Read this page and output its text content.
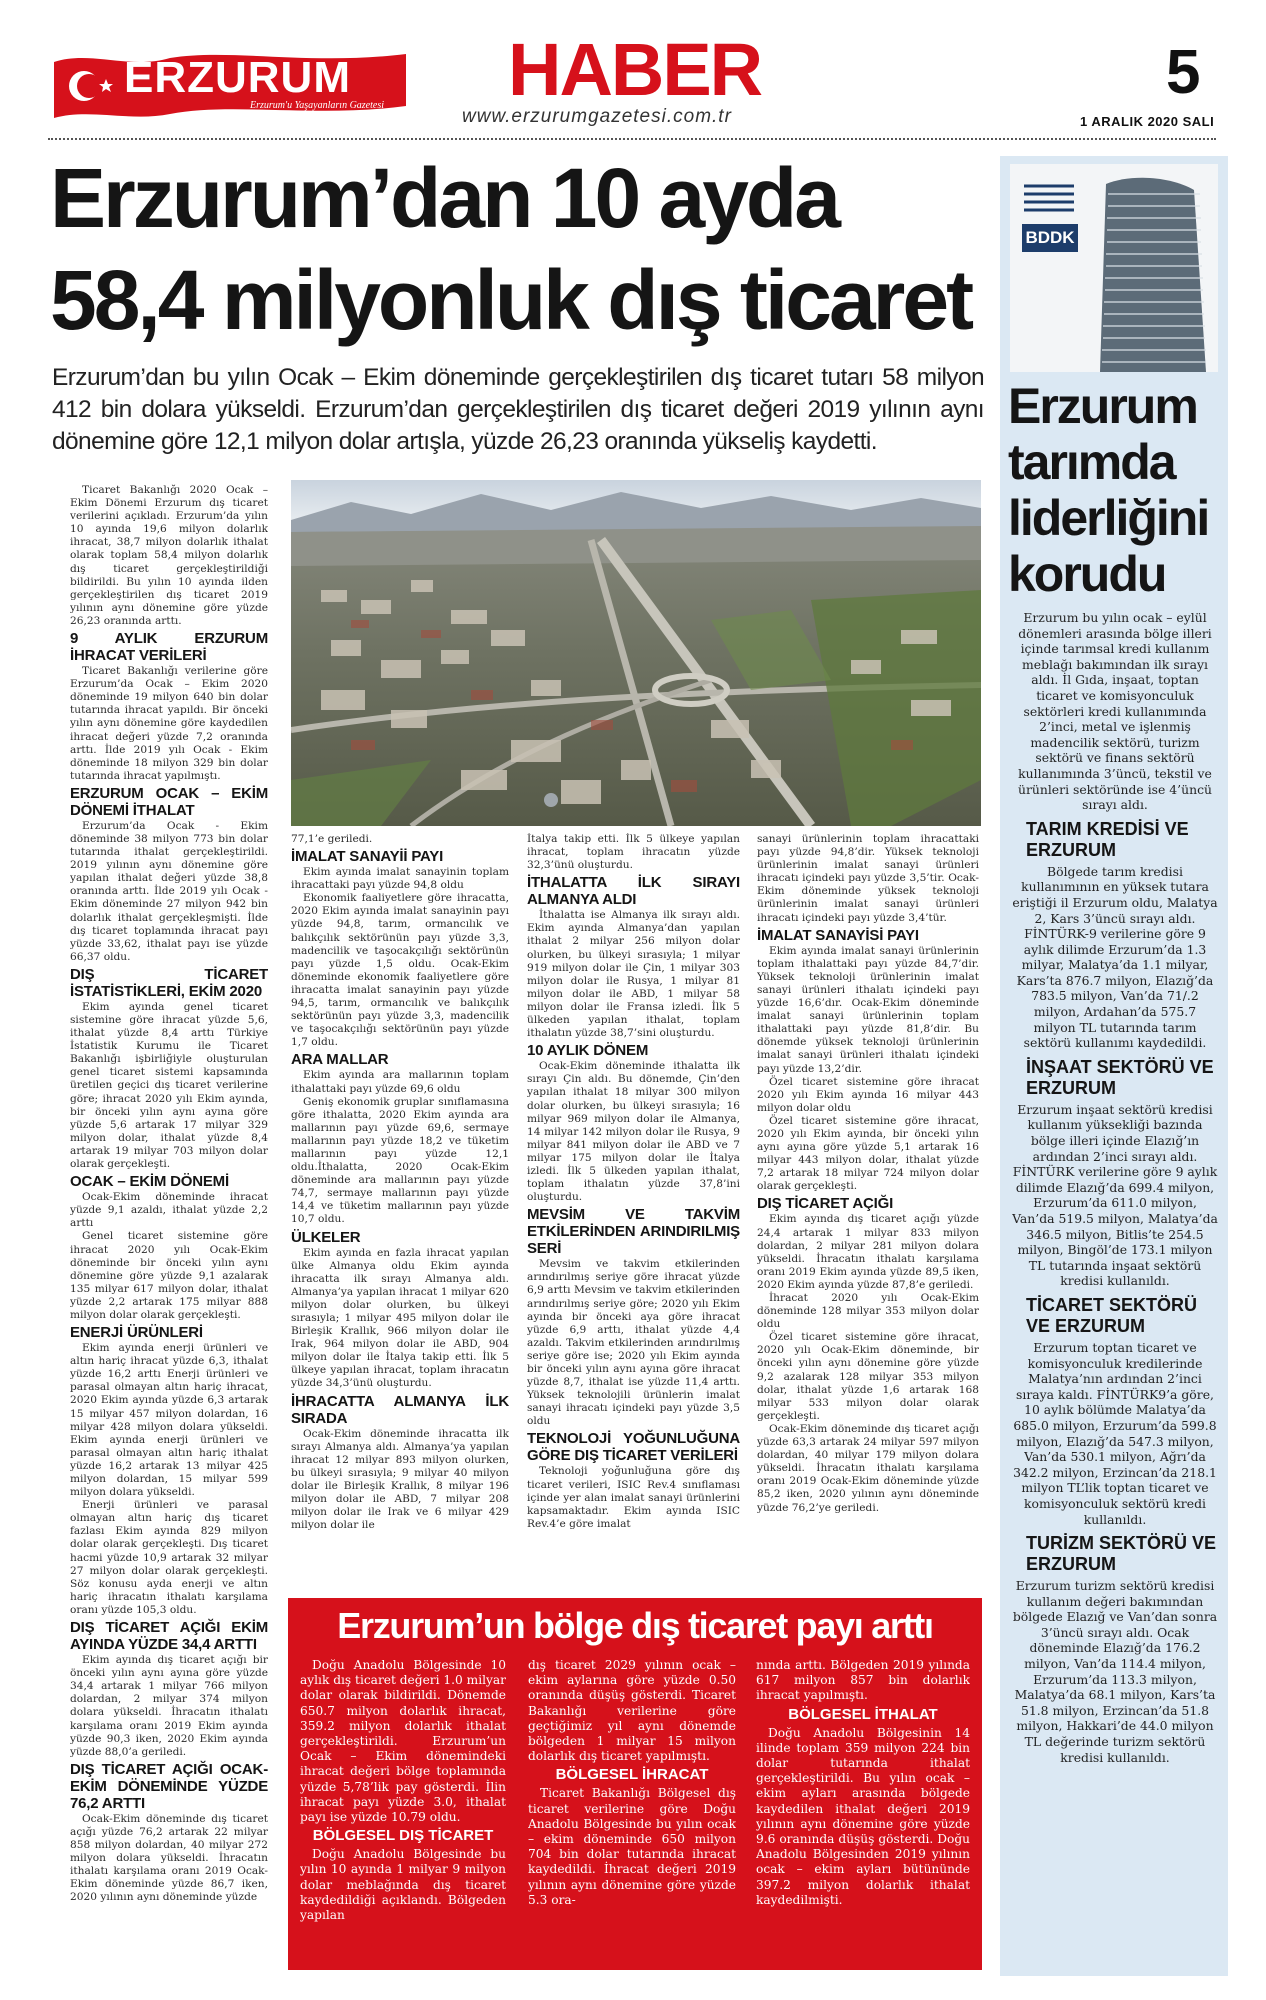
ERZURUM
Erzurum'u Yaşayanların Gazetesi HABER
www.erzurumgazetesi.com.tr
5
1 ARALIK 2020 SALI
Erzurum’dan 10 ayda
58,4 milyonluk dış ticaret
Erzurum’dan bu yılın Ocak – Ekim döneminde gerçekleştirilen dış ticaret tutarı 58 milyon 412 bin dolara yükseldi. Erzurum’dan gerçekleştirilen dış ticaret değeri 2019 yılının aynı dönemine göre 12,1 milyon dolar artışla, yüzde 26,23 oranında yükseliş kaydetti.

Ticaret Bakanlığı 2020 Ocak – Ekim Dönemi Erzurum dış ticaret verilerini açıkladı. Erzurum’da yılın 10 ayında 19,6 milyon dolarlık ihracat, 38,7 milyon dolarlık ithalat olarak toplam 58,4 milyon dolarlık dış ticaret gerçekleştirildiği bildirildi. Bu yılın 10 ayında ilden gerçekleştirilen dış ticaret 2019 yılının aynı dönemine göre yüzde 26,23 oranında arttı.

9 AYLIK ERZURUM İHRACAT VERİLERİ

Ticaret Bakanlığı verilerine göre Erzurum’da Ocak – Ekim 2020 döneminde 19 milyon 640 bin dolar tutarında ihracat yapıldı. Bir önceki yılın aynı dönemine göre kaydedilen ihracat değeri yüzde 7,2 oranında arttı. İlde 2019 yılı Ocak - Ekim döneminde 18 milyon 329 bin dolar tutarında ihracat yapılmıştı.

ERZURUM OCAK – EKİM DÖNEMİ İTHALAT

Erzurum’da Ocak - Ekim döneminde 38 milyon 773 bin dolar tutarında ithalat gerçekleştirildi. 2019 yılının aynı dönemine göre yapılan ithalat değeri yüzde 38,8 oranında arttı. İlde 2019 yılı Ocak - Ekim döneminde 27 milyon 942 bin dolarlık ithalat gerçekleşmişti. İlde dış ticaret toplamında ihracat payı yüzde 33,62, ithalat payı ise yüzde 66,37 oldu.

DIŞ TİCARET İSTATİSTİKLERİ, EKİM 2020

Ekim ayında genel ticaret sistemine göre ihracat yüzde 5,6, ithalat yüzde 8,4 arttı Türkiye İstatistik Kurumu ile Ticaret Bakanlığı işbirliğiyle oluşturulan genel ticaret sistemi kapsamında üretilen geçici dış ticaret verilerine göre; ihracat 2020 yılı Ekim ayında, bir önceki yılın aynı ayına göre yüzde 5,6 artarak 17 milyar 329 milyon dolar, ithalat yüzde 8,4 artarak 19 milyar 703 milyon dolar olarak gerçekleşti.

OCAK – EKİM DÖNEMİ

Ocak-Ekim döneminde ihracat yüzde 9,1 azaldı, ithalat yüzde 2,2 arttı

Genel ticaret sistemine göre ihracat 2020 yılı Ocak-Ekim döneminde bir önceki yılın aynı dönemine göre yüzde 9,1 azalarak 135 milyar 617 milyon dolar, ithalat yüzde 2,2 artarak 175 milyar 888 milyon dolar olarak gerçekleşti.

ENERJİ ÜRÜNLERİ

Ekim ayında enerji ürünleri ve altın hariç ihracat yüzde 6,3, ithalat yüzde 16,2 arttı Enerji ürünleri ve parasal olmayan altın hariç ihracat, 2020 Ekim ayında yüzde 6,3 artarak 15 milyar 457 milyon dolardan, 16 milyar 428 milyon dolara yükseldi. Ekim ayında enerji ürünleri ve parasal olmayan altın hariç ithalat yüzde 16,2 artarak 13 milyar 425 milyon dolardan, 15 milyar 599 milyon dolara yükseldi.

Enerji ürünleri ve parasal olmayan altın hariç dış ticaret fazlası Ekim ayında 829 milyon dolar olarak gerçekleşti. Dış ticaret hacmi yüzde 10,9 artarak 32 milyar 27 milyon dolar olarak gerçekleşti. Söz konusu ayda enerji ve altın hariç ihracatın ithalatı karşılama oranı yüzde 105,3 oldu.

DIŞ TİCARET AÇIĞI EKİM AYINDA YÜZDE 34,4 ARTTI

Ekim ayında dış ticaret açığı bir önceki yılın aynı ayına göre yüzde 34,4 artarak 1 milyar 766 milyon dolardan, 2 milyar 374 milyon dolara yükseldi. İhracatın ithalatı karşılama oranı 2019 Ekim ayında yüzde 90,3 iken, 2020 Ekim ayında yüzde 88,0’a geriledi.

DIŞ TİCARET AÇIĞI OCAK-EKİM DÖNEMİNDE YÜZDE 76,2 ARTTI

Ocak-Ekim döneminde dış ticaret açığı yüzde 76,2 artarak 22 milyar 858 milyon dolardan, 40 milyar 272 milyon dolara yükseldi. İhracatın ithalatı karşılama oranı 2019 Ocak-Ekim döneminde yüzde 86,7 iken, 2020 yılının aynı döneminde yüzde

77,1’e geriledi.

İMALAT SANAYİİ PAYI

Ekim ayında imalat sanayinin toplam ihracattaki payı yüzde 94,8 oldu

Ekonomik faaliyetlere göre ihracatta, 2020 Ekim ayında imalat sanayinin payı yüzde 94,8, tarım, ormancılık ve balıkçılık sektörünün payı yüzde 3,3, madencilik ve taşocakçılığı sektörünün payı yüzde 1,5 oldu. Ocak-Ekim döneminde ekonomik faaliyetlere göre ihracatta imalat sanayinin payı yüzde 94,5, tarım, ormancılık ve balıkçılık sektörünün payı yüzde 3,3, madencilik ve taşocakçılığı sektörünün payı yüzde 1,7 oldu.

ARA MALLAR

Ekim ayında ara mallarının toplam ithalattaki payı yüzde 69,6 oldu

Geniş ekonomik gruplar sınıflamasına göre ithalatta, 2020 Ekim ayında ara mallarının payı yüzde 69,6, sermaye mallarının payı yüzde 18,2 ve tüketim mallarının payı yüzde 12,1 oldu.İthalatta, 2020 Ocak-Ekim döneminde ara mallarının payı yüzde 74,7, sermaye mallarının payı yüzde 14,4 ve tüketim mallarının payı yüzde 10,7 oldu.

ÜLKELER

Ekim ayında en fazla ihracat yapılan ülke Almanya oldu Ekim ayında ihracatta ilk sırayı Almanya aldı. Almanya’ya yapılan ihracat 1 milyar 620 milyon dolar olurken, bu ülkeyi sırasıyla; 1 milyar 495 milyon dolar ile Birleşik Krallık, 966 milyon dolar ile Irak, 964 milyon dolar ile ABD, 904 milyon dolar ile İtalya takip etti. İlk 5 ülkeye yapılan ihracat, toplam ihracatın yüzde 34,3’ünü oluşturdu.

İHRACATTA ALMANYA İLK SIRADA

Ocak-Ekim döneminde ihracatta ilk sırayı Almanya aldı. Almanya’ya yapılan ihracat 12 milyar 893 milyon olurken, bu ülkeyi sırasıyla; 9 milyar 40 milyon dolar ile Birleşik Krallık, 8 milyar 196 milyon dolar ile ABD, 7 milyar 208 milyon dolar ile Irak ve 6 milyar 429 milyon dolar ile

İtalya takip etti. İlk 5 ülkeye yapılan ihracat, toplam ihracatın yüzde 32,3’ünü oluşturdu.

İTHALATTA İLK SIRAYI ALMANYA ALDI

İthalatta ise Almanya ilk sırayı aldı. Ekim ayında Almanya’dan yapılan ithalat 2 milyar 256 milyon dolar olurken, bu ülkeyi sırasıyla; 1 milyar 919 milyon dolar ile Çin, 1 milyar 303 milyon dolar ile Rusya, 1 milyar 81 milyon dolar ile ABD, 1 milyar 58 milyon dolar ile Fransa izledi. İlk 5 ülkeden yapılan ithalat, toplam ithalatın yüzde 38,7’sini oluşturdu.

10 AYLIK DÖNEM

Ocak-Ekim döneminde ithalatta ilk sırayı Çin aldı. Bu dönemde, Çin’den yapılan ithalat 18 milyar 300 milyon dolar olurken, bu ülkeyi sırasıyla; 16 milyar 969 milyon dolar ile Almanya, 14 milyar 142 milyon dolar ile Rusya, 9 milyar 841 milyon dolar ile ABD ve 7 milyar 175 milyon dolar ile İtalya izledi. İlk 5 ülkeden yapılan ithalat, toplam ithalatın yüzde 37,8’ini oluşturdu.

MEVSİM VE TAKVİM ETKİLERİNDEN ARINDIRILMIŞ SERİ

Mevsim ve takvim etkilerinden arındırılmış seriye göre ihracat yüzde 6,9 arttı Mevsim ve takvim etkilerinden arındırılmış seriye göre; 2020 yılı Ekim ayında bir önceki aya göre ihracat yüzde 6,9 arttı, ithalat yüzde 4,4 azaldı. Takvim etkilerinden arındırılmış seriye göre ise; 2020 yılı Ekim ayında bir önceki yılın aynı ayına göre ihracat yüzde 8,7, ithalat ise yüzde 11,4 arttı. Yüksek teknolojili ürünlerin imalat sanayi ihracatı içindeki payı yüzde 3,5 oldu

TEKNOLOJİ YOĞUNLUĞUNA GÖRE DIŞ TİCARET VERİLERİ

Teknoloji yoğunluğuna göre dış ticaret verileri, ISIC Rev.4 sınıflaması içinde yer alan imalat sanayi ürünlerini kapsamaktadır. Ekim ayında ISIC Rev.4’e göre imalat

sanayi ürünlerinin toplam ihracattaki payı yüzde 94,8’dir. Yüksek teknoloji ürünlerinin imalat sanayi ürünleri ihracatı içindeki payı yüzde 3,5’tir. Ocak-Ekim döneminde yüksek teknoloji ürünlerinin imalat sanayi ürünleri ihracatı içindeki payı yüzde 3,4’tür.

İMALAT SANAYİSİ PAYI

Ekim ayında imalat sanayi ürünlerinin toplam ithalattaki payı yüzde 84,7’dir. Yüksek teknoloji ürünlerinin imalat sanayi ürünleri ithalatı içindeki payı yüzde 16,6’dır. Ocak-Ekim döneminde imalat sanayi ürünlerinin toplam ithalattaki payı yüzde 81,8’dir. Bu dönemde yüksek teknoloji ürünlerinin imalat sanayi ürünleri ithalatı içindeki payı yüzde 13,2’dir.

Özel ticaret sistemine göre ihracat 2020 yılı Ekim ayında 16 milyar 443 milyon dolar oldu

Özel ticaret sistemine göre ihracat, 2020 yılı Ekim ayında, bir önceki yılın aynı ayına göre yüzde 5,1 artarak 16 milyar 443 milyon dolar, ithalat yüzde 7,2 artarak 18 milyar 724 milyon dolar olarak gerçekleşti.

DIŞ TİCARET AÇIĞI

Ekim ayında dış ticaret açığı yüzde 24,4 artarak 1 milyar 833 milyon dolardan, 2 milyar 281 milyon dolara yükseldi. İhracatın ithalatı karşılama oranı 2019 Ekim ayında yüzde 89,5 iken, 2020 Ekim ayında yüzde 87,8’e geriledi.

İhracat 2020 yılı Ocak-Ekim döneminde 128 milyar 353 milyon dolar oldu

Özel ticaret sistemine göre ihracat, 2020 yılı Ocak-Ekim döneminde, bir önceki yılın aynı dönemine göre yüzde 9,2 azalarak 128 milyar 353 milyon dolar, ithalat yüzde 1,6 artarak 168 milyar 533 milyon dolar olarak gerçekleşti.

Ocak-Ekim döneminde dış ticaret açığı yüzde 63,3 artarak 24 milyar 597 milyon dolardan, 40 milyar 179 milyon dolara yükseldi. İhracatın ithalatı karşılama oranı 2019 Ocak-Ekim döneminde yüzde 85,2 iken, 2020 yılının aynı döneminde yüzde 76,2’ye geriledi.

Erzurum’un bölge dış ticaret payı arttı

Doğu Anadolu Bölgesinde 10 aylık dış ticaret değeri 1.0 milyar dolar olarak bildirildi. Dönemde 650.7 milyon dolarlık ihracat, 359.2 milyon dolarlık ithalat gerçekleştirildi. Erzurum’un Ocak – Ekim dönemindeki ihracat değeri bölge toplamında yüzde 5,78’lik pay gösterdi. İlin ihracat payı yüzde 3.0, ithalat payı ise yüzde 10.79 oldu.

BÖLGESEL DIŞ TİCARET

Doğu Anadolu Bölgesinde bu yılın 10 ayında 1 milyar 9 milyon dolar meblağında dış ticaret kaydedildiği açıklandı. Bölgeden yapılan

dış ticaret 2029 yılının ocak – ekim aylarına göre yüzde 0.50 oranında düşüş gösterdi. Ticaret Bakanlığı verilerine göre geçtiğimiz yıl aynı dönemde bölgeden 1 milyar 15 milyon dolarlık dış ticaret yapılmıştı.

BÖLGESEL İHRACAT

Ticaret Bakanlığı Bölgesel dış ticaret verilerine göre Doğu Anadolu Bölgesinde bu yılın ocak – ekim döneminde 650 milyon 704 bin dolar tutarında ihracat kaydedildi. İhracat değeri 2019 yılının aynı dönemine göre yüzde 5.3 ora-

nında arttı. Bölgeden 2019 yılında 617 milyon 857 bin dolarlık ihracat yapılmıştı.

BÖLGESEL İTHALAT

Doğu Anadolu Bölgesinin 14 ilinde toplam 359 milyon 224 bin dolar tutarında ithalat gerçekleştirildi. Bu yılın ocak – ekim ayları arasında bölgede kaydedilen ithalat değeri 2019 yılının aynı dönemine göre yüzde 9.6 oranında düşüş gösterdi. Doğu Anadolu Bölgesinden 2019 yılının ocak – ekim ayları bütününde 397.2 milyon dolarlık ithalat kaydedilmişti.

BDDK
Erzurum tarımda liderliğini korudu

Erzurum bu yılın ocak – eylül dönemleri arasında bölge illeri içinde tarımsal kredi kullanım meblağı bakımından ilk sırayı aldı. İl Gıda, inşaat, toptan ticaret ve komisyonculuk sektörleri kredi kullanımında 2’inci, metal ve işlenmiş madencilik sektörü, turizm sektörü ve finans sektörü kullanımında 3’üncü, tekstil ve ürünleri sektöründe ise 4’üncü sırayı aldı.

TARIM KREDİSİ VE ERZURUM

Bölgede tarım kredisi kullanımının en yüksek tutara eriştiği il Erzurum oldu, Malatya 2, Kars 3’üncü sırayı aldı. FİNTÜRK-9 verilerine göre 9 aylık dilimde Erzurum’da 1.3 milyar, Malatya’da 1.1 milyar, Kars’ta 876.7 milyon, Elazığ’da 783.5 milyon, Van’da 71/.2 milyon, Ardahan’da 575.7 milyon TL tutarında tarım sektörü kullanımı kaydedildi.

İNŞAAT SEKTÖRÜ VE ERZURUM

Erzurum inşaat sektörü kredisi kullanım yüksekliği bazında bölge illeri içinde Elazığ’ın ardından 2’inci sırayı aldı. FİNTÜRK verilerine göre 9 aylık dilimde Elazığ’da 699.4 milyon, Erzurum’da 611.0 milyon, Van’da 519.5 milyon, Malatya’da 346.5 milyon, Bitlis’te 254.5 milyon, Bingöl’de 173.1 milyon TL tutarında inşaat sektörü kredisi kullanıldı.

TİCARET SEKTÖRÜ VE ERZURUM

Erzurum toptan ticaret ve komisyonculuk kredilerinde Malatya’nın ardından 2’inci sıraya kaldı. FİNTÜRK9’a göre, 10 aylık bölümde Malatya’da 685.0 milyon, Erzurum’da 599.8 milyon, Elazığ’da 547.3 milyon, Van’da 530.1 milyon, Ağrı’da 342.2 milyon, Erzincan’da 218.1 milyon TL’lik toptan ticaret ve komisyonculuk sektörü kredi kullanıldı.

TURİZM SEKTÖRÜ VE ERZURUM

Erzurum turizm sektörü kredisi kullanım değeri bakımından bölgede Elazığ ve Van’dan sonra 3’üncü sırayı aldı. Ocak döneminde Elazığ’da 176.2 milyon, Van’da 114.4 milyon, Erzurum’da 113.3 milyon, Malatya’da 68.1 milyon, Kars’ta 51.8 milyon, Erzincan’da 51.8 milyon, Hakkari’de 44.0 milyon TL değerinde turizm sektörü kredisi kullanıldı.
